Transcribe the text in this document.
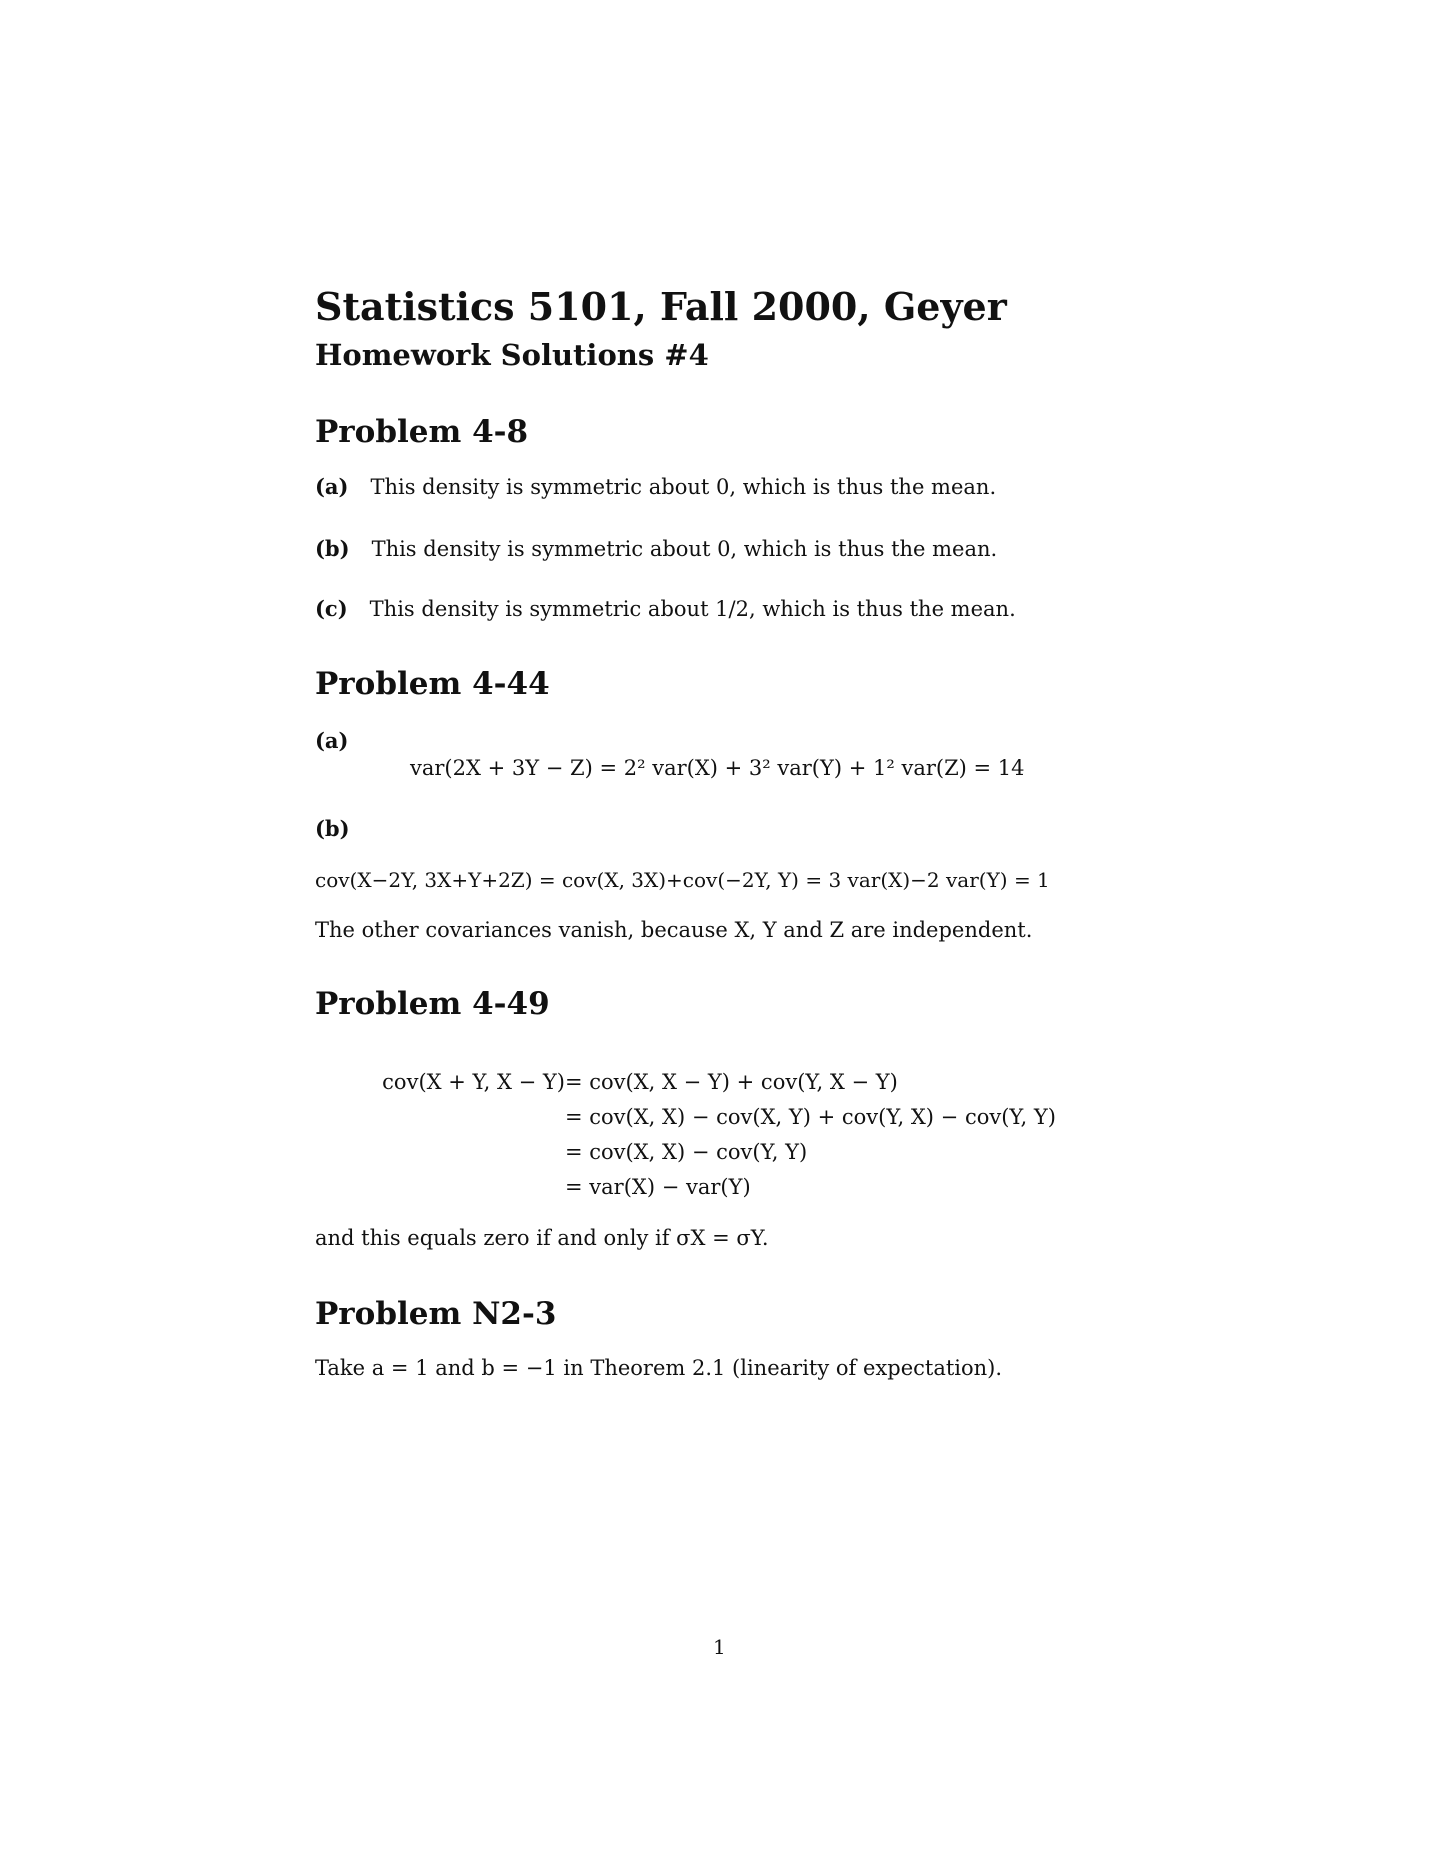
Statistics 5101, Fall 2000, Geyer
Homework Solutions #4
Problem 4-8
(a) This density is symmetric about 0, which is thus the mean.
(b) This density is symmetric about 0, which is thus the mean.
(c) This density is symmetric about 1/2, which is thus the mean.
Problem 4-44
(a)
var(2X + 3Y − Z) = 2² var(X) + 3² var(Y) + 1² var(Z) = 14
(b)
cov(X−2Y, 3X+Y+2Z) = cov(X, 3X)+cov(−2Y, Y) = 3 var(X)−2 var(Y) = 1
The other covariances vanish, because X, Y and Z are independent.
Problem 4-49
cov(X + Y, X − Y) = cov(X, X − Y) + cov(Y, X − Y)
= cov(X, X) − cov(X, Y) + cov(Y, X) − cov(Y, Y)
= cov(X, X) − cov(Y, Y)
= var(X) − var(Y)
and this equals zero if and only if σX = σY.
Problem N2-3
Take a = 1 and b = −1 in Theorem 2.1 (linearity of expectation).
1
